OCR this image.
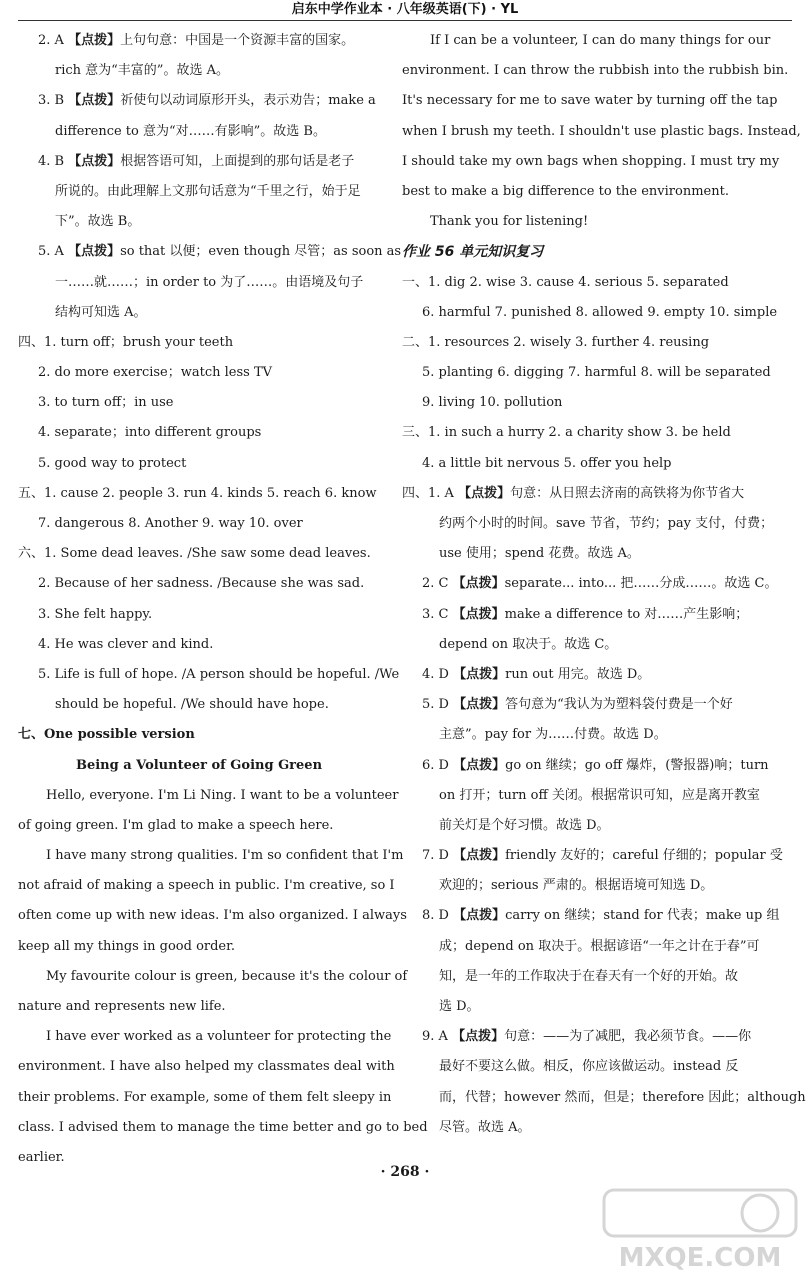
启东中学作业本 · 八年级英语(下) · YL
2. A 【点拨】上句句意：中国是一个资源丰富的国家。
rich 意为“丰富的”。故选 A。
3. B 【点拨】祈使句以动词原形开头，表示劝告；make a
difference to 意为“对……有影响”。故选 B。
4. B 【点拨】根据答语可知，上面提到的那句话是老子
所说的。由此理解上文那句话意为“千里之行，始于足
下”。故选 B。
5. A 【点拨】so that 以便；even though 尽管；as soon as
一……就……；in order to 为了……。由语境及句子
结构可知选 A。
四、1. turn off；brush your teeth
2. do more exercise；watch less TV
3. to turn off；in use
4. separate；into different groups
5. good way to protect
五、1. cause 2. people 3. run 4. kinds 5. reach 6. know
7. dangerous 8. Another 9. way 10. over
六、1. Some dead leaves. /She saw some dead leaves.
2. Because of her sadness. /Because she was sad.
3. She felt happy.
4. He was clever and kind.
5. Life is full of hope. /A person should be hopeful. /We
should be hopeful. /We should have hope.
七、One possible version
Being a Volunteer of Going Green
Hello, everyone. I'm Li Ning. I want to be a volunteer
of going green. I'm glad to make a speech here.
I have many strong qualities. I'm so confident that I'm
not afraid of making a speech in public. I'm creative, so I
often come up with new ideas. I'm also organized. I always
keep all my things in good order.
My favourite colour is green, because it's the colour of
nature and represents new life.
I have ever worked as a volunteer for protecting the
environment. I have also helped my classmates deal with
their problems. For example, some of them felt sleepy in
class. I advised them to manage the time better and go to bed
earlier.
If I can be a volunteer, I can do many things for our
environment. I can throw the rubbish into the rubbish bin.
It's necessary for me to save water by turning off the tap
when I brush my teeth. I shouldn't use plastic bags. Instead,
I should take my own bags when shopping. I must try my
best to make a big difference to the environment.
Thank you for listening!
作业 56 单元知识复习
一、1. dig 2. wise 3. cause 4. serious 5. separated
6. harmful 7. punished 8. allowed 9. empty 10. simple
二、1. resources 2. wisely 3. further 4. reusing
5. planting 6. digging 7. harmful 8. will be separated
9. living 10. pollution
三、1. in such a hurry 2. a charity show 3. be held
4. a little bit nervous 5. offer you help
四、1. A 【点拨】句意：从日照去济南的高铁将为你节省大
约两个小时的时间。save 节省，节约；pay 支付，付费；
use 使用；spend 花费。故选 A。
2. C 【点拨】separate... into... 把……分成……。故选 C。
3. C 【点拨】make a difference to 对……产生影响；
depend on 取决于。故选 C。
4. D 【点拨】run out 用完。故选 D。
5. D 【点拨】答句意为“我认为为塑料袋付费是一个好
主意”。pay for 为……付费。故选 D。
6. D 【点拨】go on 继续；go off 爆炸，(警报器)响；turn
on 打开；turn off 关闭。根据常识可知，应是离开教室
前关灯是个好习惯。故选 D。
7. D 【点拨】friendly 友好的；careful 仔细的；popular 受
欢迎的；serious 严肃的。根据语境可知选 D。
8. D 【点拨】carry on 继续；stand for 代表；make up 组
成；depend on 取决于。根据谚语“一年之计在于春”可
知，是一年的工作取决于在春天有一个好的开始。故
选 D。
9. A 【点拨】句意：——为了减肥，我必须节食。——你
最好不要这么做。相反，你应该做运动。instead 反
而，代替；however 然而，但是；therefore 因此；although
尽管。故选 A。
· 268 ·
MXQE.COM
